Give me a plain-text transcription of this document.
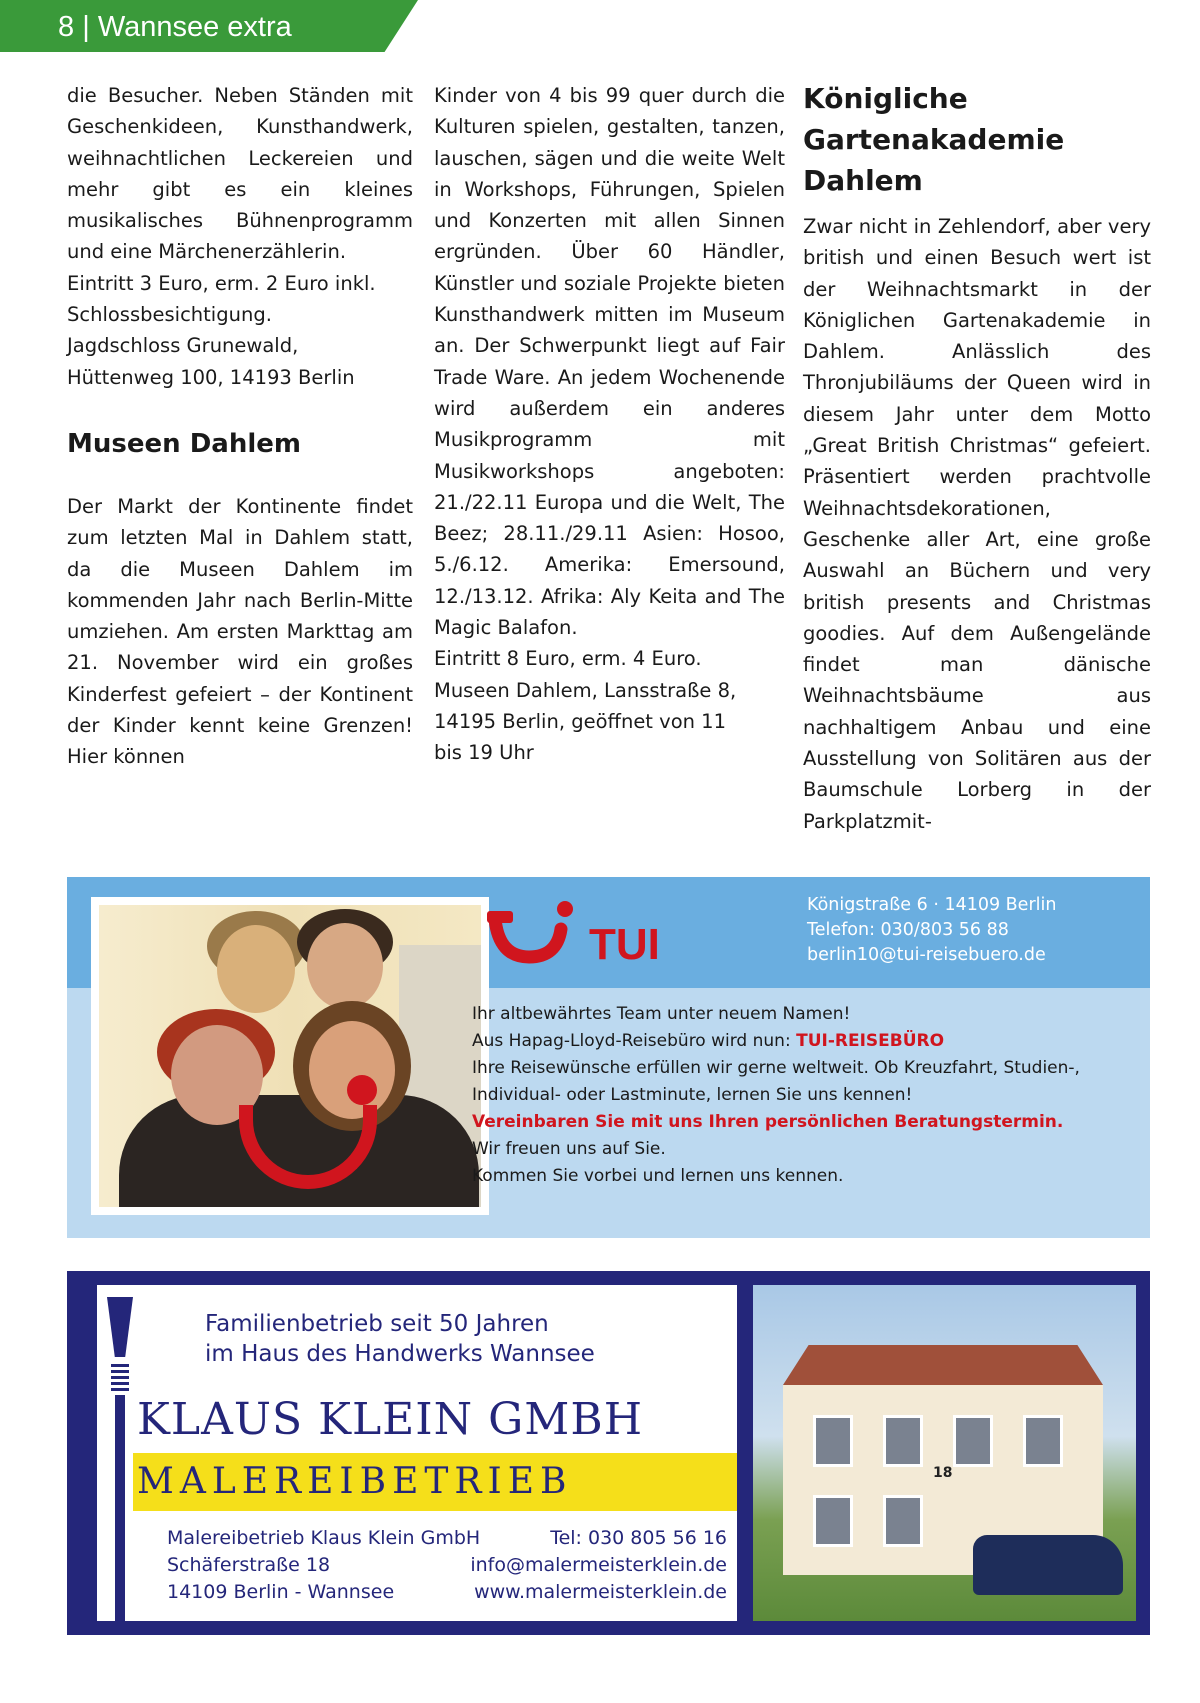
8 | Wannsee extra

die Besucher. Neben Ständen mit Geschenkideen, Kunsthandwerk, weihnachtlichen Leckereien und mehr gibt es ein kleines musikalisches Bühnenprogramm und eine Märchenerzählerin.

Eintritt 3 Euro, erm. 2 Euro inkl. Schlossbesichtigung.
Jagdschloss Grunewald,
Hüttenweg 100, 14193 Berlin

Museen Dahlem

Der Markt der Kontinente findet zum letzten Mal in Dahlem statt, da die Museen Dahlem im kommenden Jahr nach Berlin-Mitte umziehen. Am ersten Markttag am 21. November wird ein großes Kinderfest gefeiert – der Kontinent der Kinder kennt keine Grenzen! Hier können

Kinder von 4 bis 99 quer durch die Kulturen spielen, gestalten, tanzen, lauschen, sägen und die weite Welt in Workshops, Führungen, Spielen und Konzerten mit allen Sinnen ergründen. Über 60 Händler, Künstler und soziale Projekte bieten Kunsthandwerk mitten im Museum an. Der Schwerpunkt liegt auf Fair Trade Ware. An jedem Wochenende wird außerdem ein anderes Musikprogramm mit Musikworkshops angeboten: 21./22.11 Europa und die Welt, The Beez; 28.11./29.11 Asien: Hosoo, 5./6.12. Amerika: Emersound, 12./13.12. Afrika: Aly Keita and The Magic Balafon.

Eintritt 8 Euro, erm. 4 Euro.
Museen Dahlem, Lansstraße 8,
14195 Berlin, geöffnet von 11
bis 19 Uhr

Königliche Gartenakademie Dahlem

Zwar nicht in Zehlendorf, aber very british und einen Besuch wert ist der Weihnachtsmarkt in der Königlichen Gartenakademie in Dahlem. Anlässlich des Thronjubiläums der Queen wird in diesem Jahr unter dem Motto „Great British Christmas“ gefeiert. Präsentiert werden prachtvolle Weihnachtsdekorationen, Geschenke aller Art, eine große Auswahl an Büchern und very british presents and Christmas goodies. Auf dem Außengelände findet man dänische Weihnachtsbäume aus nachhaltigem Anbau und eine Ausstellung von Solitären aus der Baumschule Lorberg in der Parkplatzmit-

TUI
Königstraße 6 · 14109 Berlin
Telefon: 030/803 56 88
berlin10@tui-reisebuero.de
Ihr altbewährtes Team unter neuem Namen!
Aus Hapag-Lloyd-Reisebüro wird nun: TUI-REISEBÜRO
Ihre Reisewünsche erfüllen wir gerne weltweit. Ob Kreuzfahrt, Studien-, Individual- oder Lastminute, lernen Sie uns kennen!
Vereinbaren Sie mit uns Ihren persönlichen Beratungstermin.
Wir freuen uns auf Sie.
Kommen Sie vorbei und lernen uns kennen.
Familienbetrieb seit 50 Jahren
im Haus des Handwerks Wannsee
KLAUS KLEIN GMBH
MALEREIBETRIEB
Malereibetrieb Klaus Klein GmbH	Tel: 030 805 56 16
Schäferstraße 18	info@malermeisterklein.de
14109 Berlin - Wannsee	www.malermeisterklein.de
18
